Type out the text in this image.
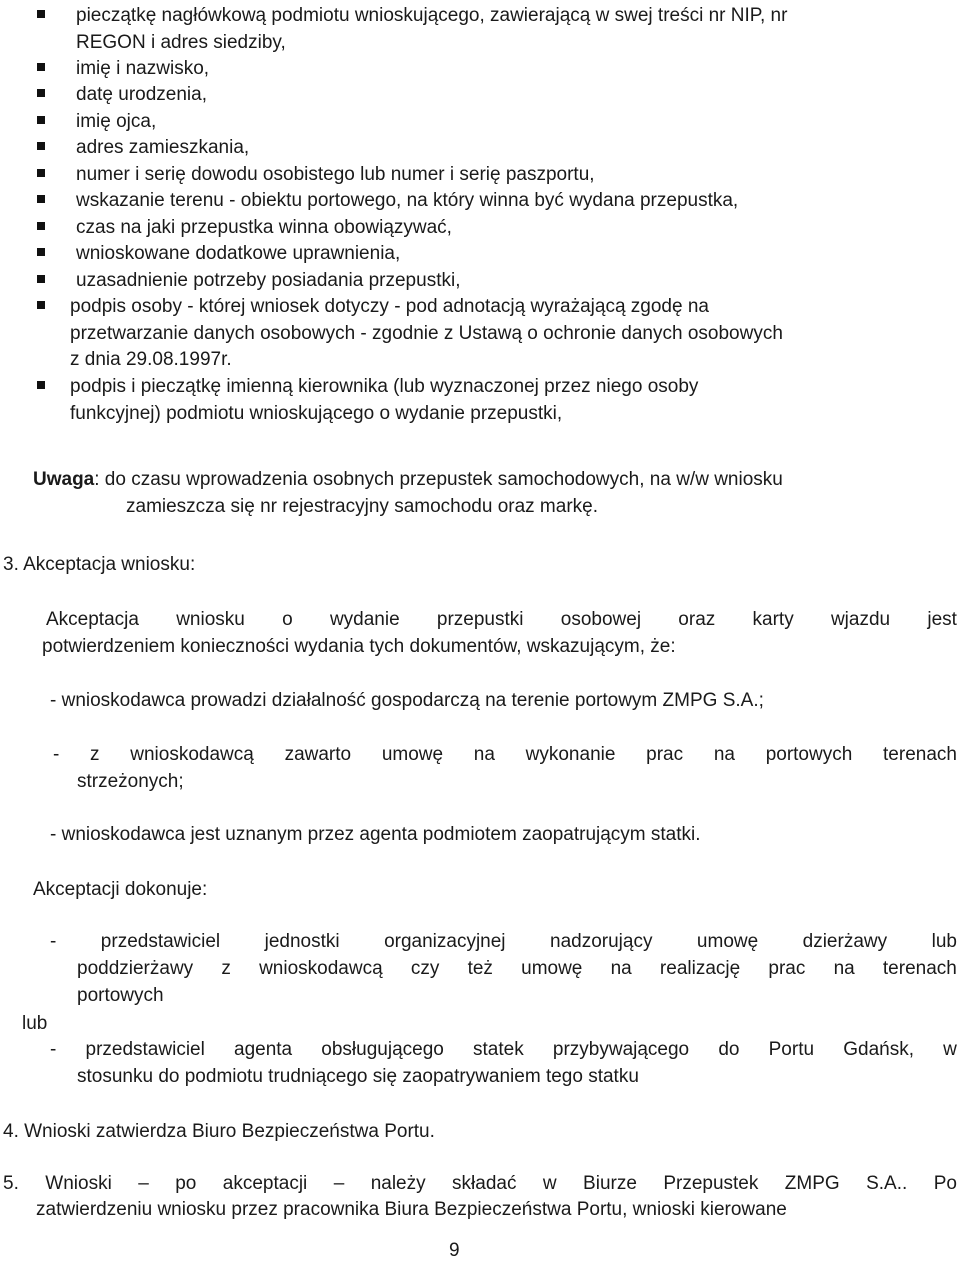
pieczątkę nagłówkową podmiotu wnioskującego, zawierającą w swej treści nr NIP, nr
REGON i adres siedziby,
imię i nazwisko,
datę urodzenia,
imię ojca,
adres zamieszkania,
numer i serię dowodu osobistego lub numer i serię paszportu,
wskazanie terenu - obiektu portowego, na który winna być wydana przepustka,
czas na jaki przepustka winna obowiązywać,
wnioskowane dodatkowe uprawnienia,
uzasadnienie potrzeby posiadania przepustki,
podpis osoby - której wniosek dotyczy - pod adnotacją wyrażającą zgodę na
przetwarzanie danych osobowych - zgodnie z Ustawą o ochronie danych osobowych
z dnia 29.08.1997r.
podpis i pieczątkę imienną kierownika (lub wyznaczonej przez niego osoby
funkcyjnej) podmiotu wnioskującego o wydanie przepustki,
Uwaga: do czasu wprowadzenia osobnych przepustek samochodowych, na w/w wniosku
zamieszcza się nr rejestracyjny samochodu oraz markę.
3. Akceptacja wniosku:
Akceptacja wniosku o wydanie przepustki osobowej oraz karty wjazdu jest
potwierdzeniem konieczności wydania tych dokumentów, wskazującym, że:
- wnioskodawca prowadzi działalność gospodarczą na terenie portowym ZMPG S.A.;
- z wnioskodawcą zawarto umowę na wykonanie prac na portowych terenach
strzeżonych;
- wnioskodawca jest uznanym przez agenta podmiotem zaopatrującym statki.
Akceptacji dokonuje:
- przedstawiciel jednostki organizacyjnej nadzorujący umowę dzierżawy lub
poddzierżawy z wnioskodawcą czy też umowę na realizację prac na terenach
portowych
lub
- przedstawiciel agenta obsługującego statek przybywającego do Portu Gdańsk, w
stosunku do podmiotu trudniącego się zaopatrywaniem tego statku
4. Wnioski zatwierdza Biuro Bezpieczeństwa Portu.
5. Wnioski – po akceptacji – należy składać w Biurze Przepustek ZMPG S.A.. Po
zatwierdzeniu wniosku przez pracownika Biura Bezpieczeństwa Portu, wnioski kierowane
9
